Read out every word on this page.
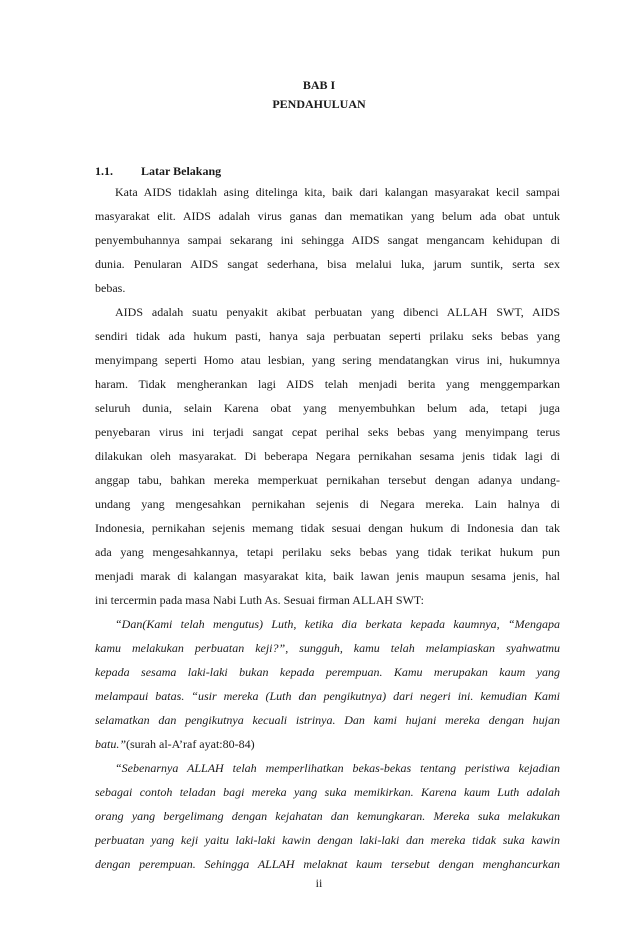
BAB I
PENDAHULUAN
1.1. Latar Belakang
Kata AIDS tidaklah asing ditelinga kita, baik dari kalangan masyarakat kecil sampai
masyarakat elit. AIDS adalah virus ganas dan mematikan yang belum ada obat untuk
penyembuhannya sampai sekarang ini sehingga AIDS sangat mengancam kehidupan di
dunia. Penularan AIDS sangat sederhana, bisa melalui luka, jarum suntik, serta sex
bebas.
AIDS adalah suatu penyakit akibat perbuatan yang dibenci ALLAH SWT, AIDS
sendiri tidak ada hukum pasti, hanya saja perbuatan seperti prilaku seks bebas yang
menyimpang seperti Homo atau lesbian, yang sering mendatangkan virus ini, hukumnya
haram. Tidak mengherankan lagi AIDS telah menjadi berita yang menggemparkan
seluruh dunia, selain Karena obat yang menyembuhkan belum ada, tetapi juga
penyebaran virus ini terjadi sangat cepat perihal seks bebas yang menyimpang terus
dilakukan oleh masyarakat. Di beberapa Negara pernikahan sesama jenis tidak lagi di
anggap tabu, bahkan mereka memperkuat pernikahan tersebut dengan adanya undang-
undang yang mengesahkan pernikahan sejenis di Negara mereka. Lain halnya di
Indonesia, pernikahan sejenis memang tidak sesuai dengan hukum di Indonesia dan tak
ada yang mengesahkannya, tetapi perilaku seks bebas yang tidak terikat hukum pun
menjadi marak di kalangan masyarakat kita, baik lawan jenis maupun sesama jenis, hal
ini tercermin pada masa Nabi Luth As. Sesuai firman ALLAH SWT:
“Dan(Kami telah mengutus) Luth, ketika dia berkata kepada kaumnya, “Mengapa
kamu melakukan perbuatan keji?”, sungguh, kamu telah melampiaskan syahwatmu
kepada sesama laki-laki bukan kepada perempuan. Kamu merupakan kaum yang
melampaui batas. “usir mereka (Luth dan pengikutnya) dari negeri ini. kemudian Kami
selamatkan dan pengikutnya kecuali istrinya. Dan kami hujani mereka dengan hujan
batu.”(surah al-A’raf ayat:80-84)
“Sebenarnya ALLAH telah memperlihatkan bekas-bekas tentang peristiwa kejadian
sebagai contoh teladan bagi mereka yang suka memikirkan. Karena kaum Luth adalah
orang yang bergelimang dengan kejahatan dan kemungkaran. Mereka suka melakukan
perbuatan yang keji yaitu laki-laki kawin dengan laki-laki dan mereka tidak suka kawin
dengan perempuan. Sehingga ALLAH melaknat kaum tersebut dengan menghancurkan
ii
